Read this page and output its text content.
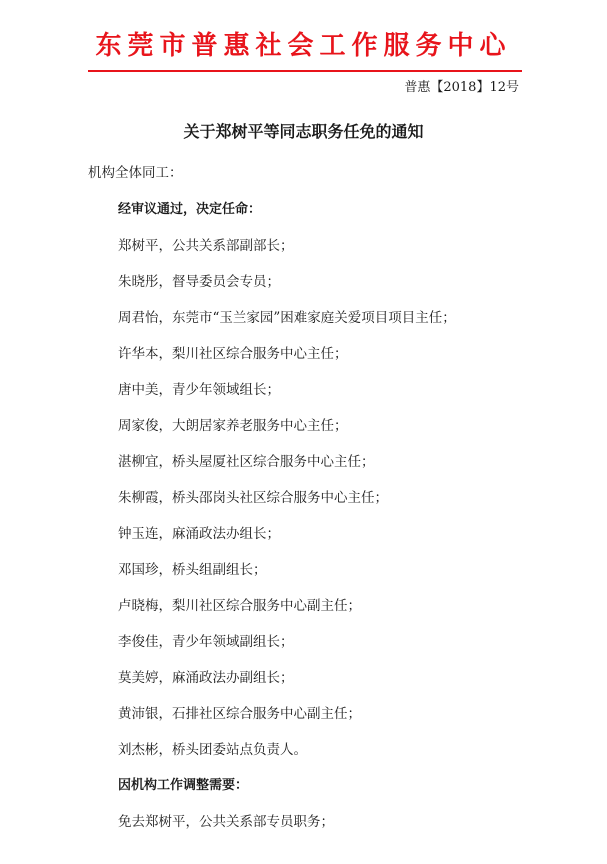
东莞市普惠社会工作服务中心
普惠【2018】12号
关于郑树平等同志职务任免的通知
机构全体同工：
经审议通过，决定任命：
郑树平，公共关系部副部长；
朱晓彤，督导委员会专员；
周君怡，东莞市“玉兰家园”困难家庭关爱项目项目主任；
许华本，梨川社区综合服务中心主任；
唐中美，青少年领域组长；
周家俊，大朗居家养老服务中心主任；
湛柳宜，桥头屋厦社区综合服务中心主任；
朱柳霞，桥头邵岗头社区综合服务中心主任；
钟玉连，麻涌政法办组长；
邓国珍，桥头组副组长；
卢晓梅，梨川社区综合服务中心副主任；
李俊佳，青少年领域副组长；
莫美婷，麻涌政法办副组长；
黄沛银，石排社区综合服务中心副主任；
刘杰彬，桥头团委站点负责人。
因机构工作调整需要：
免去郑树平，公共关系部专员职务；
